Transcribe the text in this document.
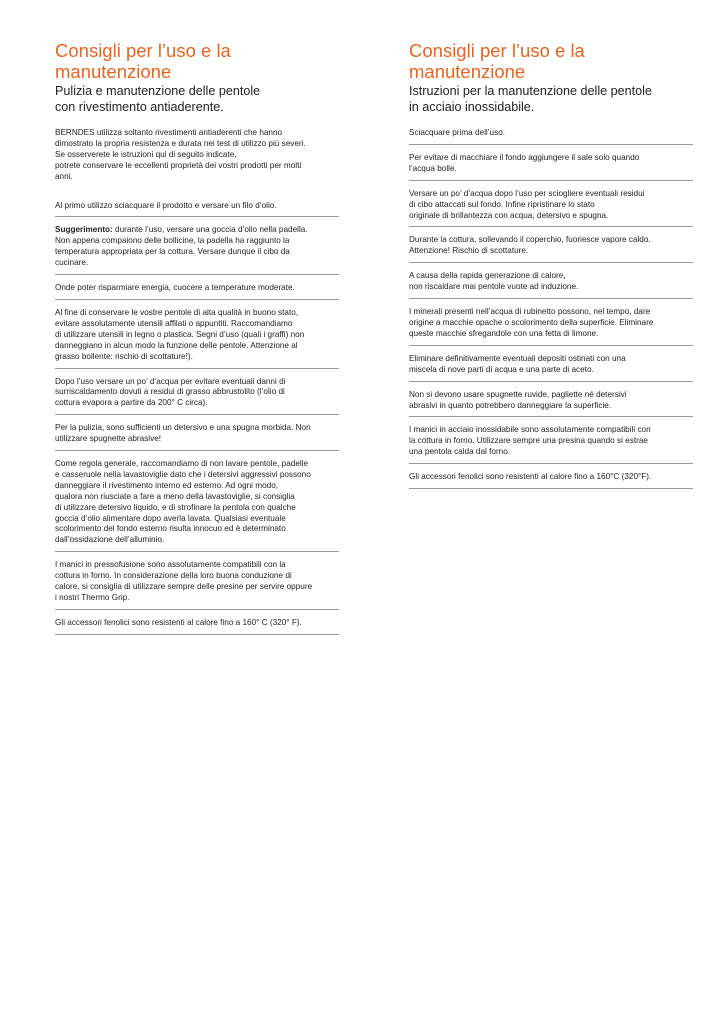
Consigli per l’uso e la
manutenzione
Pulizia e manutenzione delle pentole
con rivestimento antiaderente.
BERNDES utilizza soltanto rivestimenti antiaderenti che hanno
dimostrato la propria resistenza e durata nei test di utilizzo più severi.
Se osserverete le istruzioni qui di seguito indicate,
potrete conservare le eccellenti proprietà dei vostri prodotti per molti
anni.
Al primo utilizzo sciacquare il prodotto e versare un filo d’olio.
Suggerimento: durante l’uso, versare una goccia d’olio nella padella.
Non appena compaiono delle bollicine, la padella ha raggiunto la
temperatura appropriata per la cottura. Versare dunque il cibo da
cucinare.
Onde poter risparmiare energia, cuocere a temperature moderate.
Al fine di conservare le vostre pentole di alta qualità in buono stato,
evitare assolutamente utensili affilati o appuntiti. Raccomandiamo
di utilizzare utensili in legno o plastica. Segni d’uso (quali i graffi) non
danneggiano in alcun modo la funzione delle pentole. Attenzione al
grasso bollente: rischio di scottature!).
Dopo l’uso versare un po’ d’acqua per evitare eventuali danni di
surriscaldamento dovuti a residui di grasso abbrustolito (l’olio di
cottura evapora a partire da 200° C circa).
Per la pulizia, sono sufficienti un detersivo e una spugna morbida. Non
utilizzare spugnette abrasive!
Come regola generale, raccomandiamo di non lavare pentole, padelle
e casseruole nella lavastoviglie dato che i detersivi aggressivi possono
danneggiare il rivestimento interno ed esterno. Ad ogni modo,
qualora non riusciate a fare a meno della lavastoviglie, si consiglia
di utilizzare detersivo liquido, e di strofinare la pentola con qualche
goccia d’olio alimentare dopo averla lavata. Qualsiasi eventuale
scolorimento del fondo esterno risulta innocuo ed è determinato
dall’ossidazione dell’alluminio.
I manici in pressofusione sono assolutamente compatibili con la
cottura in forno. In considerazione della loro buona conduzione di
calore, si consiglia di utilizzare sempre delle presine per servire oppure
i nostri Thermo Grip.
Gli accessori fenolici sono resistenti al calore fino a 160° C (320° F).
Consigli per l’uso e la
manutenzione
Istruzioni per la manutenzione delle pentole
in acciaio inossidabile.
Sciacquare prima dell’uso.
Per evitare di macchiare il fondo aggiungere il sale solo quando
l’acqua bolle.
Versare un po’ d’acqua dopo l’uso per sciogliere eventuali residui
di cibo attaccati sul fondo. Infine ripristinare lo stato
originale di brillantezza con acqua, detersivo e spugna.
Durante la cottura, sollevando il coperchio, fuoriesce vapore caldo.
Attenzione! Rischio di scottature.
A causa della rapida generazione di calore,
non riscaldare mai pentole vuote ad induzione.
I minerali presenti nell’acqua di rubinetto possono, nel tempo, dare
origine a macchie opache o scolorimento della superficie. Eliminare
queste macchie sfregandole con una fetta di limone.
Eliminare definitivamente eventuali depositi ostinati con una
miscela di nove parti di acqua e una parte di aceto.
Non si devono usare spugnette ruvide, pagliette né detersivi
abrasivi in quanto potrebbero danneggiare la superficie.
I manici in acciaio inossidabile sono assolutamente compatibili con
la cottura in forno. Utilizzare sempre una presina quando si estrae
una pentola calda dal forno.
Gli accessori fenolici sono resistenti al calore fino a 160°C (320°F).
